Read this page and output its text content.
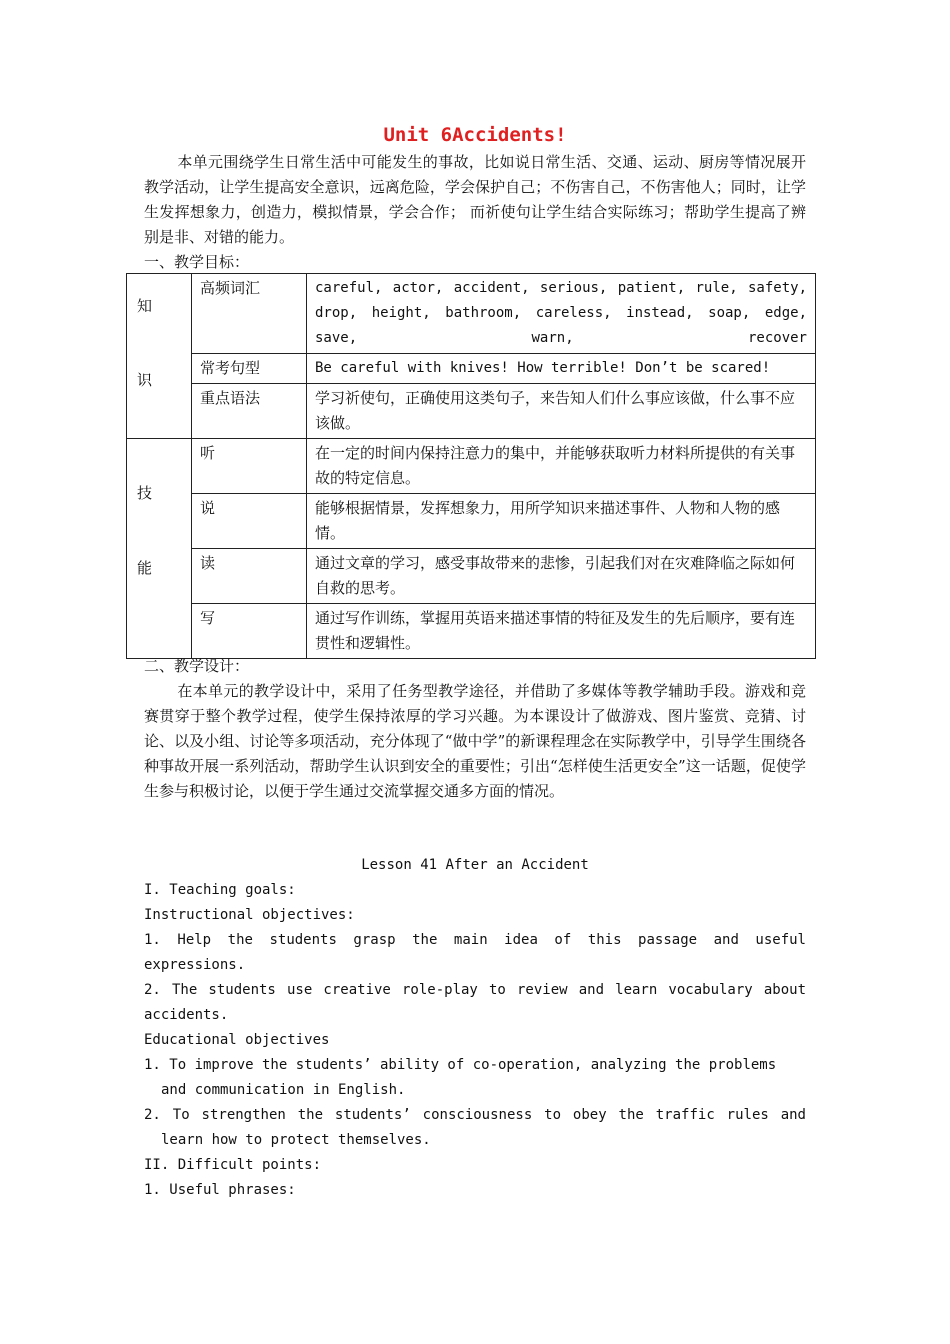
Unit 6Accidents!
本单元围绕学生日常生活中可能发生的事故，比如说日常生活、交通、运动、厨房等情况展开教学活动，让学生提高安全意识，远离危险，学会保护自己；不伤害自己，不伤害他人；同时，让学生发挥想象力，创造力，模拟情景，学会合作； 而祈使句让学生结合实际练习；帮助学生提高了辨别是非、对错的能力。
一、教学目标：
知
识	高频词汇	careful, actor, accident, serious, patient, rule, safety, drop, height, bathroom, careless, instead, soap, edge, save, warn, recover
	常考句型	Be careful with knives! How terrible! Don’t be scared!
	重点语法	学习祈使句，正确使用这类句子，来告知人们什么事应该做，什么事不应该做。

技
能	听	在一定的时间内保持注意力的集中，并能够获取听力材料所提供的有关事故的特定信息。
	说	能够根据情景，发挥想象力，用所学知识来描述事件、人物和人物的感情。
	读	通过文章的学习，感受事故带来的悲惨，引起我们对在灾难降临之际如何自救的思考。
	写	通过写作训练，掌握用英语来描述事情的特征及发生的先后顺序，要有连贯性和逻辑性。
二、教学设计：
在本单元的教学设计中，采用了任务型教学途径，并借助了多媒体等教学辅助手段。游戏和竞赛贯穿于整个教学过程，使学生保持浓厚的学习兴趣。为本课设计了做游戏、图片鉴赏、竞猜、讨论、以及小组、讨论等多项活动，充分体现了“做中学”的新课程理念在实际教学中，引导学生围绕各种事故开展一系列活动，帮助学生认识到安全的重要性；引出“怎样使生活更安全”这一话题，促使学生参与积极讨论，以便于学生通过交流掌握交通多方面的情况。
Lesson 41 After an Accident
I. Teaching goals:
Instructional objectives:
1. Help the students grasp the main idea of this passage and useful expressions.
2. The students use creative role-play to review and learn vocabulary about accidents.
Educational objectives
1. To improve the students’ ability of co-operation, analyzing the problems
and communication in English.
2. To strengthen the students’ consciousness to obey the traffic rules and
learn how to protect themselves.
II. Difficult points:
1. Useful phrases:
